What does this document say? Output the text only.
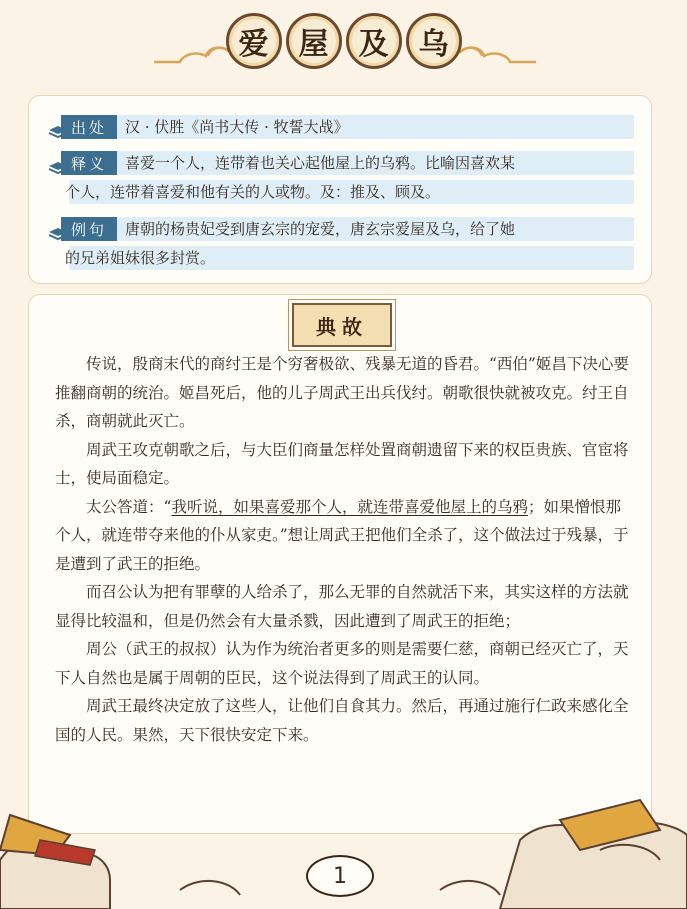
爱	屋	及	乌
出处	汉 · 伏胜《尚书大传 · 牧誓大战》
释义	喜爱一个人，连带着也关心起他屋上的乌鸦。比喻因喜欢某
个人，连带着喜爱和他有关的人或物。及：推及、顾及。
例句	唐朝的杨贵妃受到唐玄宗的宠爱，唐玄宗爱屋及乌，给了她
的兄弟姐妹很多封赏。
典故

传说，殷商末代的商纣王是个穷奢极欲、残暴无道的昏君。“西伯”姬昌下决心要推翻商朝的统治。姬昌死后，他的儿子周武王出兵伐纣。朝歌很快就被攻克。纣王自杀，商朝就此灭亡。

周武王攻克朝歌之后，与大臣们商量怎样处置商朝遗留下来的权臣贵族、官宦将士，使局面稳定。

太公答道：“我听说，如果喜爱那个人，就连带喜爱他屋上的乌鸦；如果憎恨那个人，就连带夺来他的仆从家吏。”想让周武王把他们全杀了，这个做法过于残暴，于是遭到了武王的拒绝。

而召公认为把有罪孽的人给杀了，那么无罪的自然就活下来，其实这样的方法就显得比较温和，但是仍然会有大量杀戮，因此遭到了周武王的拒绝；

周公（武王的叔叔）认为作为统治者更多的则是需要仁慈，商朝已经灭亡了，天下人自然也是属于周朝的臣民，这个说法得到了周武王的认同。

周武王最终决定放了这些人，让他们自食其力。然后，再通过施行仁政来感化全国的人民。果然，天下很快安定下来。

1
